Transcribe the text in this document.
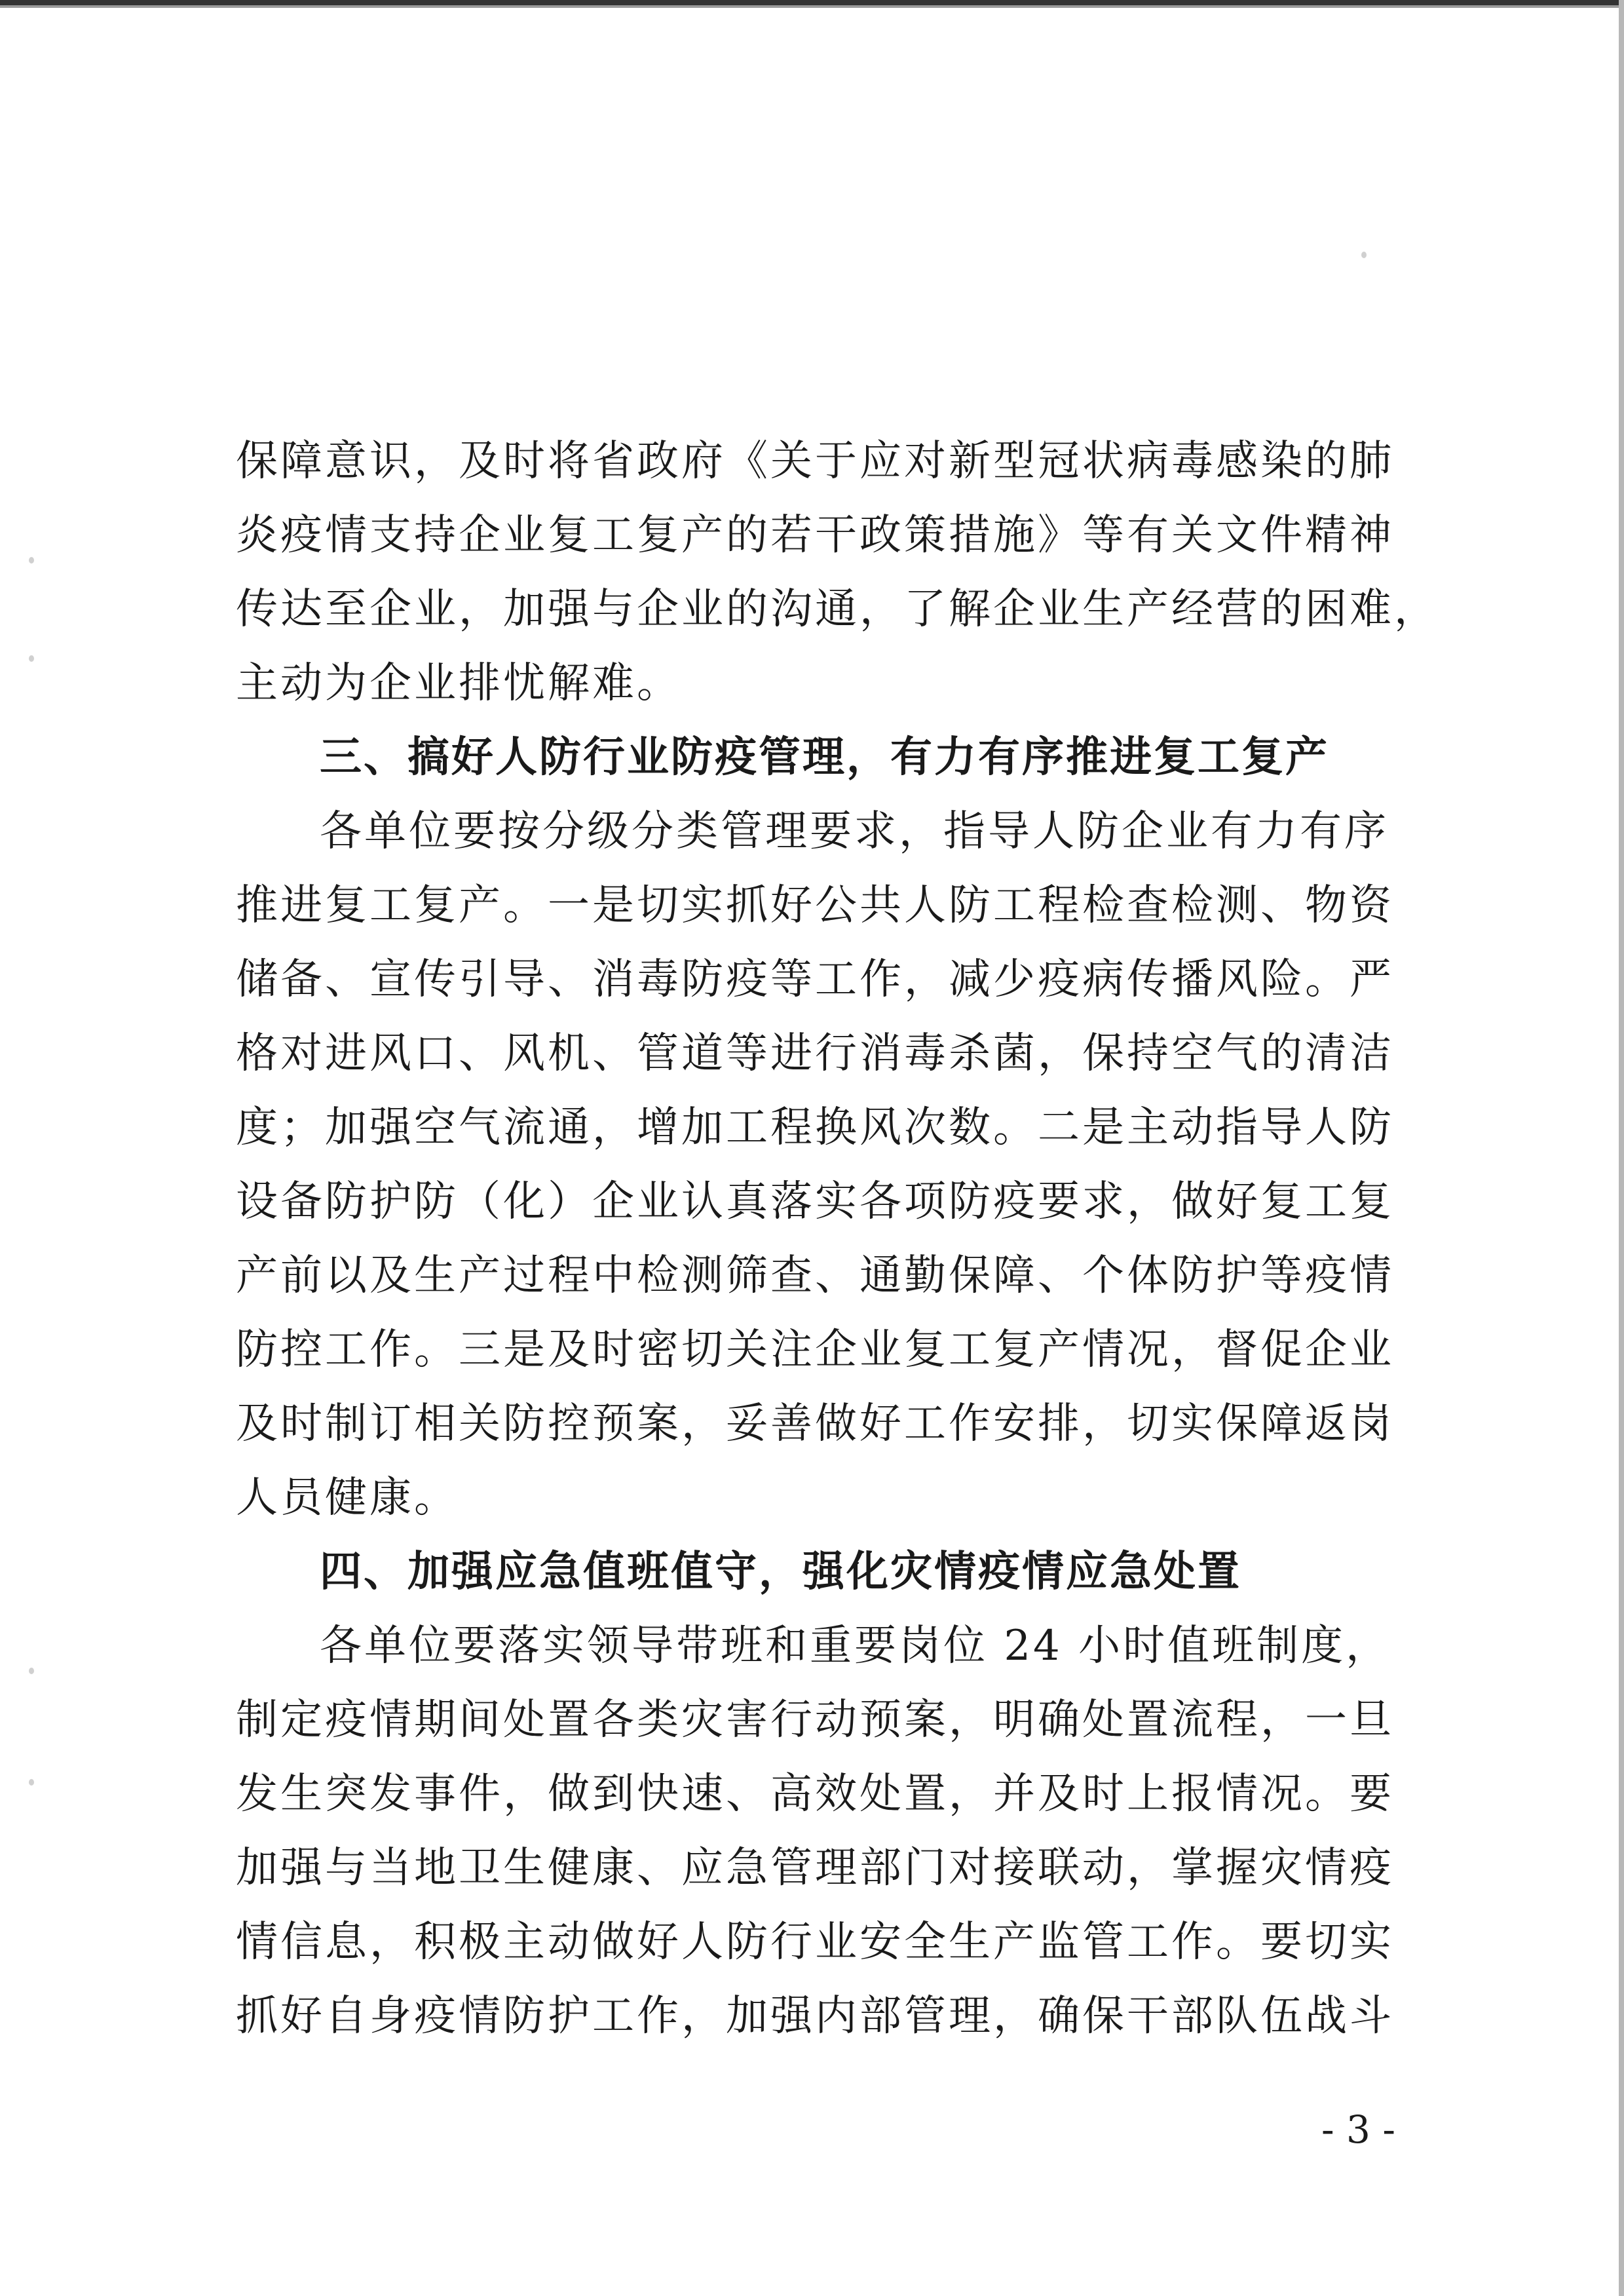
保障意识，及时将省政府《关于应对新型冠状病毒感染的肺
炎疫情支持企业复工复产的若干政策措施》等有关文件精神
传达至企业，加强与企业的沟通，了解企业生产经营的困难，
主动为企业排忧解难。
三、搞好人防行业防疫管理，有力有序推进复工复产
各单位要按分级分类管理要求，指导人防企业有力有序
推进复工复产。一是切实抓好公共人防工程检查检测、物资
储备、宣传引导、消毒防疫等工作，减少疫病传播风险。严
格对进风口、风机、管道等进行消毒杀菌，保持空气的清洁
度；加强空气流通，增加工程换风次数。二是主动指导人防
设备防护防（化）企业认真落实各项防疫要求，做好复工复
产前以及生产过程中检测筛查、通勤保障、个体防护等疫情
防控工作。三是及时密切关注企业复工复产情况，督促企业
及时制订相关防控预案，妥善做好工作安排，切实保障返岗
人员健康。
四、加强应急值班值守，强化灾情疫情应急处置
各单位要落实领导带班和重要岗位 24 小时值班制度，
制定疫情期间处置各类灾害行动预案，明确处置流程，一旦
发生突发事件，做到快速、高效处置，并及时上报情况。要
加强与当地卫生健康、应急管理部门对接联动，掌握灾情疫
情信息，积极主动做好人防行业安全生产监管工作。要切实
抓好自身疫情防护工作，加强内部管理，确保干部队伍战斗
- 3 -
